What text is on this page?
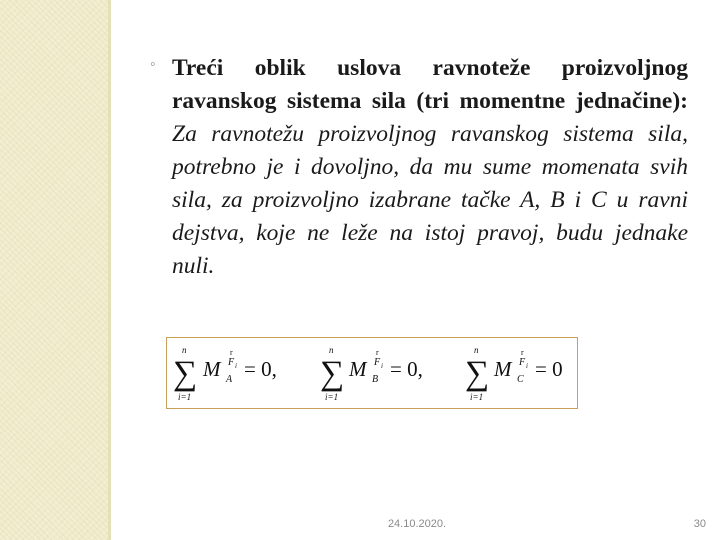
◦ Treći oblik uslova ravnoteže proizvoljnog ravanskog sistema sila (tri momentne jednačine): Za ravnotežu proizvoljnog ravanskog sistema sila, potrebno je i dovoljno, da mu sume momenata svih sila, za proizvoljno izabrane tačke A, B i C u ravni dejstva, koje ne leže na istoj pravoj, budu jednake nuli.
n
∑
i=1
M
r
F i
A = 0,
n
∑
i=1
M
r
F i
B = 0,
n
∑
i=1
M
r
F i
C = 0
24.10.2020.	30
